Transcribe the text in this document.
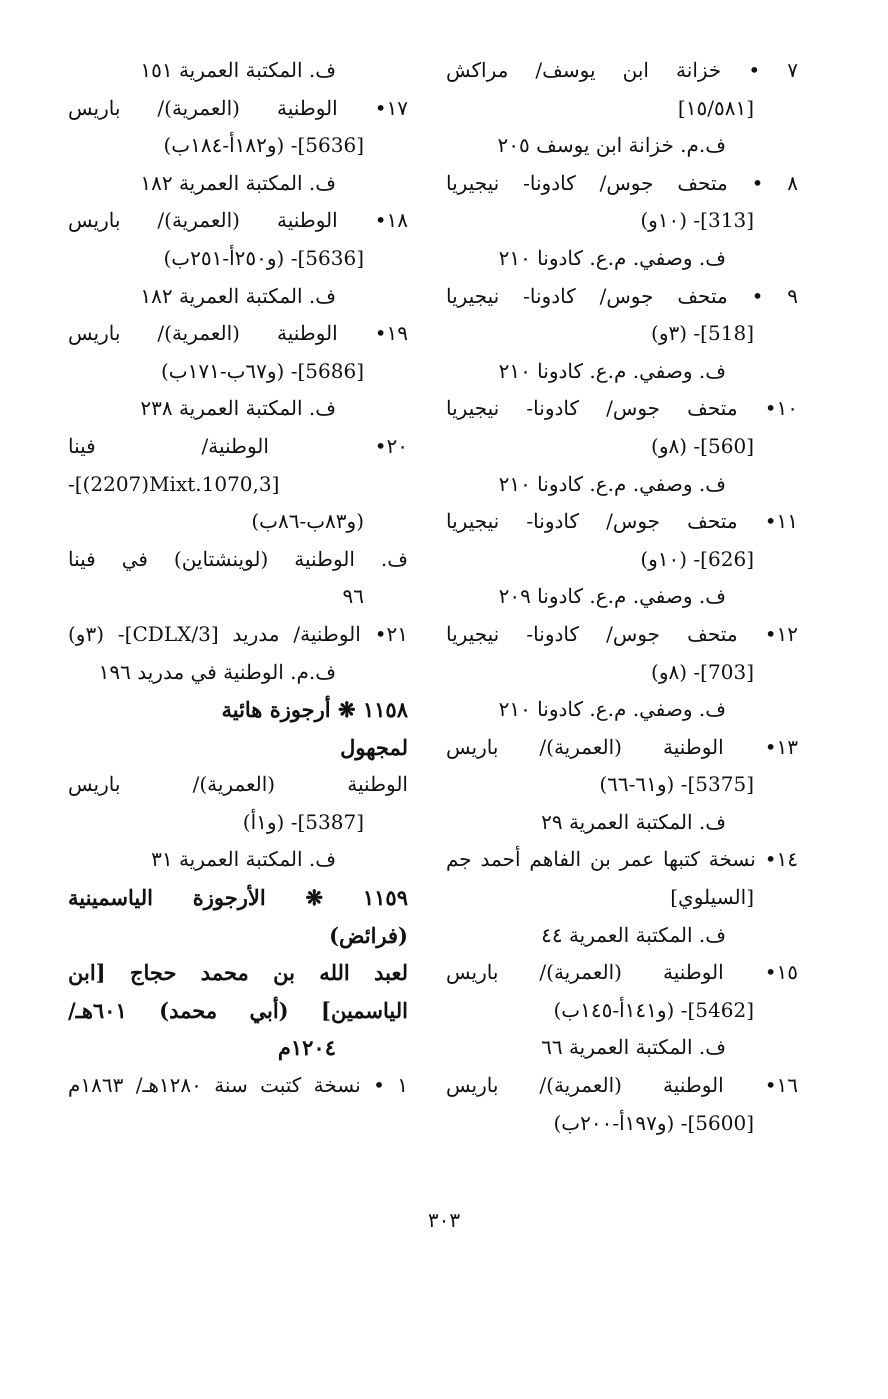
٧ • خزانة ابن يوسف/ مراكش
[١٥/٥٨١]
ف.م. خزانة ابن يوسف ٢٠٥
٨ • متحف جوس/ كادونا- نيجيريا
[313]- (١٠و)
ف. وصفي. م.ع. كادونا ٢١٠
٩ • متحف جوس/ كادونا- نيجيريا
[518]- (٣و)
ف. وصفي. م.ع. كادونا ٢١٠
١٠• متحف جوس/ كادونا- نيجيريا
[560]- (٨و)
ف. وصفي. م.ع. كادونا ٢١٠
١١• متحف جوس/ كادونا- نيجيريا
[626]- (١٠و)
ف. وصفي. م.ع. كادونا ٢٠٩
١٢• متحف جوس/ كادونا- نيجيريا
[703]- (٨و)
ف. وصفي. م.ع. كادونا ٢١٠
١٣• الوطنية (العمرية)/ باريس
[5375]- (و٦١-٦٦)
ف. المكتبة العمرية ٢٩
١٤• نسخة كتبها عمر بن الفاهم أحمد جم
[السيلوي]
ف. المكتبة العمرية ٤٤
١٥• الوطنية (العمرية)/ باريس
[5462]- (و١٤١أ-١٤٥ب)
ف. المكتبة العمرية ٦٦
١٦• الوطنية (العمرية)/ باريس
[5600]- (و١٩٧أ-٢٠٠ب)
ف. المكتبة العمرية ١٥١
١٧• الوطنية (العمرية)/ باريس
[5636]- (و١٨٢أ-١٨٤ب)
ف. المكتبة العمرية ١٨٢
١٨• الوطنية (العمرية)/ باريس
[5636]- (و٢٥٠أ-٢٥١ب)
ف. المكتبة العمرية ١٨٢
١٩• الوطنية (العمرية)/ باريس
[5686]- (و٦٧ب-١٧١ب)
ف. المكتبة العمرية ٢٣٨
٢٠• الوطنية/ فينا
-[(2207)Mixt.1070,3]
(و٨٣ب-٨٦ب)
ف. الوطنية (لوينشتاين) في فينا
٩٦
٢١• الوطنية/ مدريد [CDLX/3]- (٣و)
ف.م. الوطنية في مدريد ١٩٦
١١٥٨ ❋ أرجوزة هائية
لمجهول
الوطنية (العمرية)/ باريس
[5387]- (و١أ)
ف. المكتبة العمرية ٣١
١١٥٩ ❋ الأرجوزة الياسمينية
(فرائض)
لعبد الله بن محمد حجاج [ابن
الياسمين] (أبي محمد) ٦٠١هـ/
١٢٠٤م
١ • نسخة كتبت سنة ١٢٨٠هـ/ ١٨٦٣م
٣٠٣
